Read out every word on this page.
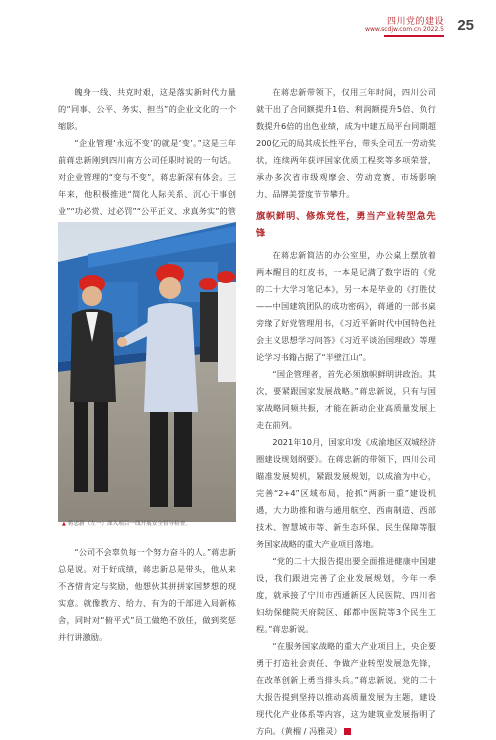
四川党的建设
www.scdjw.com.cn 2022.5 25

魄身一线、共克时艰，这是落实新时代力量的“同事、公平、务实、担当”的企业文化的一个缩影。

“企业管理‘永远不变’的就是‘变’。”这是三年前蒋忠新刚到四川南方公司任职时说的一句话。对企业管理的“变与不变”，蒋忠新深有体会。三年来，他积极推进“简化人际关系、沉心干事创业”“功必赏、过必罚”“公平正义、求真务实”的管

▲ 蒋忠新（左一）深入项目一线开展安全督导检查。

“公司不会辜负每一个努力奋斗的人。”蒋忠新总是说。对于好成绩，蒋忠新总是带头，他从来不吝惜肯定与奖励，他想伙其拼拼家国梦想的现实意。就像教方、给力、有为的干部进入局新栋舍，同时对“俯平式”员工做绝不放任，做到奖惩并行讲激励。

在蒋忠新带领下，仅用三年时间，四川公司就干出了合同额提升1倍、利润额提升5倍、负行数提升6倍的出色业绩，成为中建五局平台同期超200亿元的局其成长性平台，带头全司五一劳动奖状，连续两年获评国家优质工程奖等多项荣誉，承办多次省市级观摩会、劳动竞赛、市场影响力、品牌美誉度节节攀升。

旗帜鲜明、修炼党性，勇当产业转型急先锋

在蒋忠新简洁的办公室里，办公桌上摆放着两本醒目的红皮书，一本是记满了数字语的《党的二十大学习笔记本》，另一本是毕业的《打胜仗——中国建筑团队的成功密码》，蒋通的一部书桌旁缘了好党管理用书，《习近平新时代中国特色社会主义思想学习问答》《习近平谈治国理政》等理论学习书籍占据了“半壁江山”。

“国企管理者，首先必须旗帜鲜明讲政治。其次，要紧跟国家发展战略。”蒋忠新说，只有与国家战略同频共振，才能在新动企业高质量发展上走在前列。

2021年10月，国家印发《成渝地区双城经济圈建设规划纲要》。在蒋忠新的带领下，四川公司瞄准发展契机，紧跟发展规划，以成渝为中心，完善“2+4”区域布局，抢抓“两新一重”建设机遇，大力助推和谐与通用航空、西南制造、西部技术、智慧城市等、新生态环保、民生保障等服务国家战略的重大产业项目落地。

“党的二十大报告提出要全面推进健康中国建设，我们跟进完善了企业发展规划，今年一季度，就承接了宁川市西通新区人民医院、四川省妇幼保健院天府院区、邮都中医院等3个民生工程。”蒋忠新说。

“在服务国家战略的重大产业项目上，央企要勇于打造社会责任、争做产业转型发展急先锋，在改革创新上勇当排头兵。”蒋忠新说。党的二十大报告提到坚持以推动高质量发展为主题，建设现代化产业体系等内容，这为建筑业发展指明了方向。（黄榴 / 冯雅灵）
